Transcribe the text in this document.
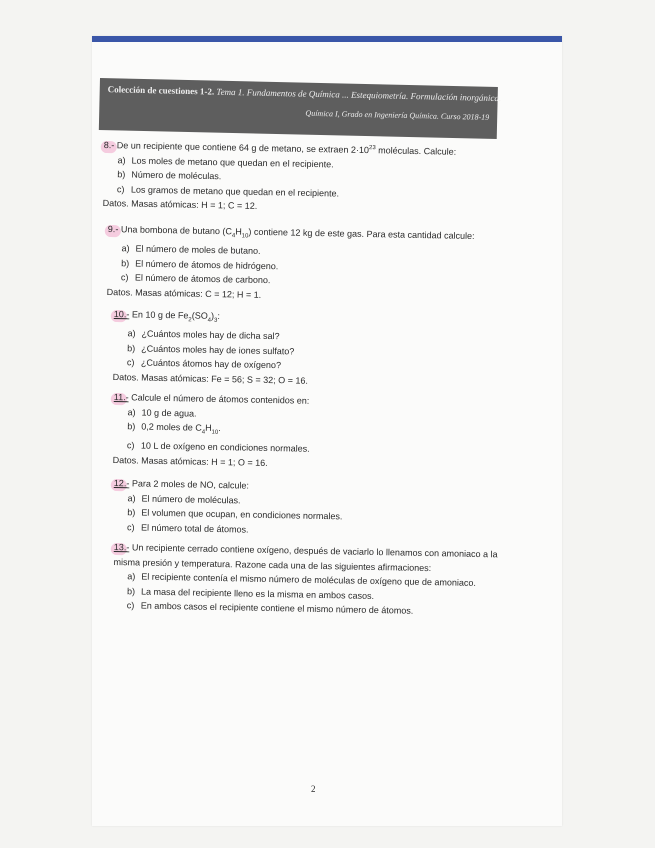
Colección de cuestiones 1-2. Tema 1. Fundamentos de Química ... Estequiometría. Formulación inorgánica.
Química I, Grado en Ingeniería Química. Curso 2018-19
8.- De un recipiente que contiene 64 g de metano, se extraen $2\cdot 10^{23}$ moléculas. Calcule:
a) Los moles de metano que quedan en el recipiente.
b) Número de moléculas.
c) Los gramos de metano que quedan en el recipiente.
Datos. Masas atómicas: H = 1; C = 12.
9.- Una bombona de butano $(C_4H_{10})$ contiene 12 kg de este gas. Para esta cantidad calcule:
a) El número de moles de butano.
b) El número de átomos de hidrógeno.
c) El número de átomos de carbono.
Datos. Masas atómicas: C = 12; H = 1.
10.- En 10 g de $Fe_2(SO_4)_3$:
a) ¿Cuántos moles hay de dicha sal?
b) ¿Cuántos moles hay de iones sulfato?
c) ¿Cuántos átomos hay de oxígeno?
Datos. Masas atómicas: Fe = 56; S = 32; O = 16.
11.- Calcule el número de átomos contenidos en:
a) 10 g de agua.
b) 0,2 moles de $C_4H_{10}$.
c) 10 L de oxígeno en condiciones normales.
Datos. Masas atómicas: H = 1; O = 16.
12.- Para 2 moles de NO, calcule:
a) El número de moléculas.
b) El volumen que ocupan, en condiciones normales.
c) El número total de átomos.
13.- Un recipiente cerrado contiene oxígeno, después de vaciarlo lo llenamos con amoniaco a la
misma presión y temperatura. Razone cada una de las siguientes afirmaciones:
a) El recipiente contenía el mismo número de moléculas de oxígeno que de amoniaco.
b) La masa del recipiente lleno es la misma en ambos casos.
c) En ambos casos el recipiente contiene el mismo número de átomos.
2
